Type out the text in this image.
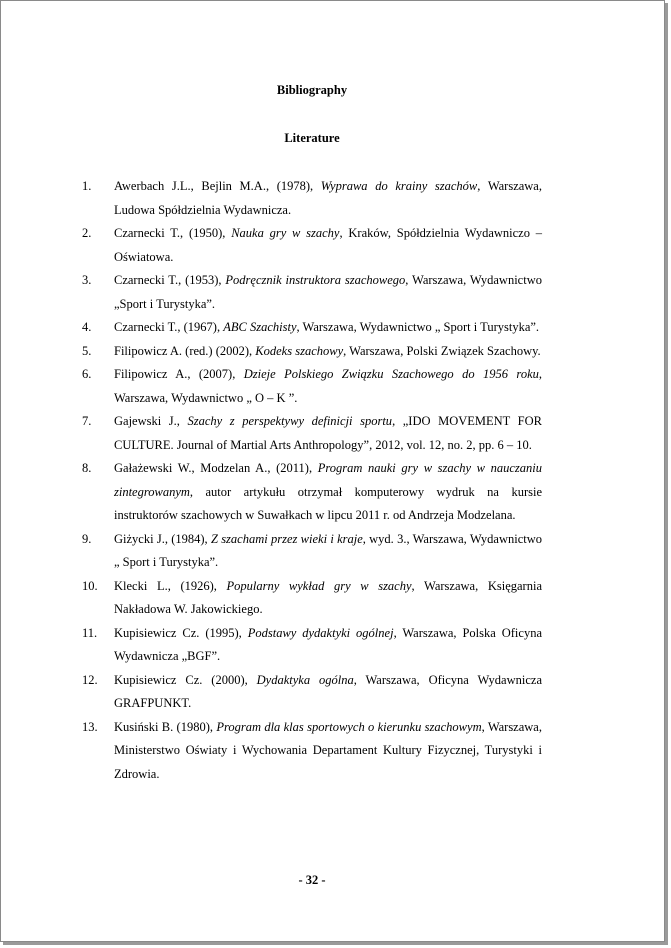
Bibliography
Literature
1. Awerbach J.L., Bejlin M.A., (1978), Wyprawa do krainy szachów, Warszawa, Ludowa Spółdzielnia Wydawnicza.
2. Czarnecki T., (1950), Nauka gry w szachy, Kraków, Spółdzielnia Wydawniczo – Oświatowa.
3. Czarnecki T., (1953), Podręcznik instruktora szachowego, Warszawa, Wydawnictwo „Sport i Turystyka”.
4. Czarnecki T., (1967), ABC Szachisty, Warszawa, Wydawnictwo „ Sport i Turystyka”.
5. Filipowicz A. (red.) (2002), Kodeks szachowy, Warszawa, Polski Związek Szachowy.
6. Filipowicz A., (2007), Dzieje Polskiego Związku Szachowego do 1956 roku, Warszawa, Wydawnictwo „ O – K ”.
7. Gajewski J., Szachy z perspektywy definicji sportu, „IDO MOVEMENT FOR CULTURE. Journal of Martial Arts Anthropology”, 2012, vol. 12, no. 2, pp. 6 – 10.
8. Gałażewski W., Modzelan A., (2011), Program nauki gry w szachy w nauczaniu zintegrowanym, autor artykułu otrzymał komputerowy wydruk na kursie instruktorów szachowych w Suwałkach w lipcu 2011 r. od Andrzeja Modzelana.
9. Giżycki J., (1984), Z szachami przez wieki i kraje, wyd. 3., Warszawa, Wydawnictwo „ Sport i Turystyka”.
10. Klecki L., (1926), Popularny wykład gry w szachy, Warszawa, Księgarnia Nakładowa W. Jakowickiego.
11. Kupisiewicz Cz. (1995), Podstawy dydaktyki ogólnej, Warszawa, Polska Oficyna Wydawnicza „BGF”.
12. Kupisiewicz Cz. (2000), Dydaktyka ogólna, Warszawa, Oficyna Wydawnicza GRAFPUNKT.
13. Kusiński B. (1980), Program dla klas sportowych o kierunku szachowym, Warszawa, Ministerstwo Oświaty i Wychowania Departament Kultury Fizycznej, Turystyki i Zdrowia.
- 32 -
